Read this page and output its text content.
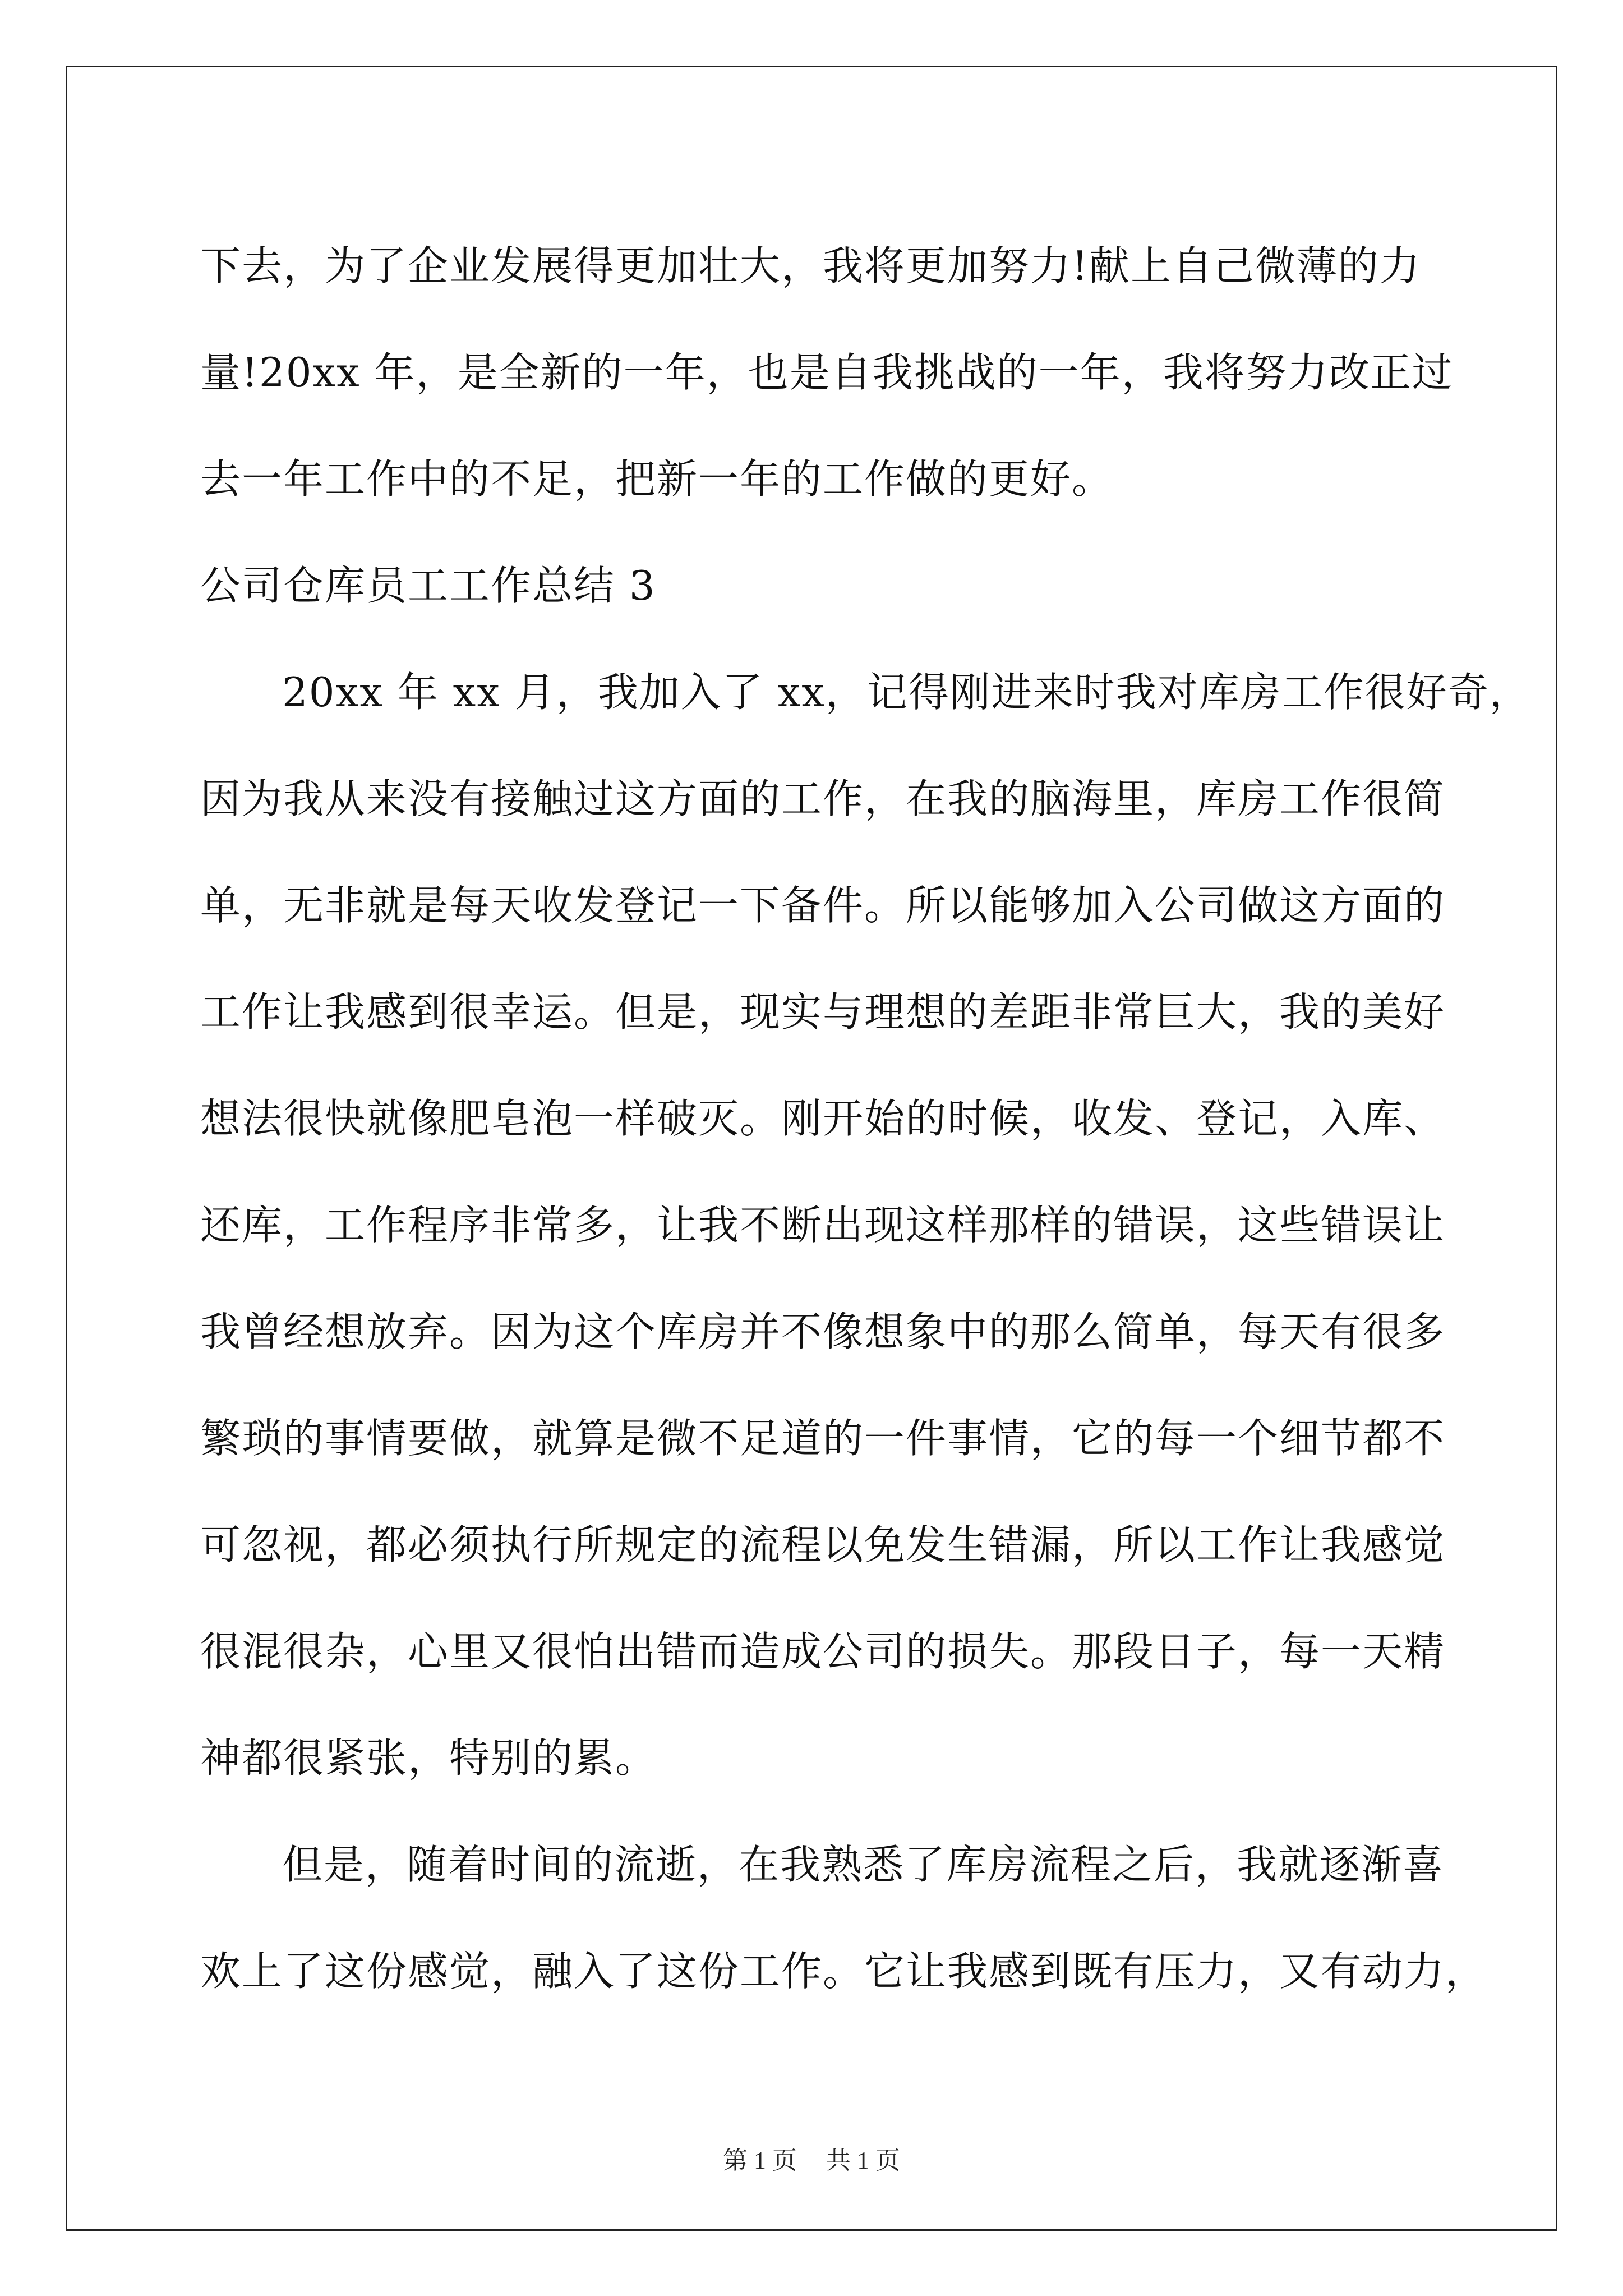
下去，为了企业发展得更加壮大，我将更加努力!献上自己微薄的力
量!20xx 年，是全新的一年，也是自我挑战的一年，我将努力改正过
去一年工作中的不足，把新一年的工作做的更好。
公司仓库员工工作总结 3
20xx 年 xx 月，我加入了 xx，记得刚进来时我对库房工作很好奇，
因为我从来没有接触过这方面的工作，在我的脑海里，库房工作很简
单，无非就是每天收发登记一下备件。所以能够加入公司做这方面的
工作让我感到很幸运。但是，现实与理想的差距非常巨大，我的美好
想法很快就像肥皂泡一样破灭。刚开始的时候，收发、登记，入库、
还库，工作程序非常多，让我不断出现这样那样的错误，这些错误让
我曾经想放弃。因为这个库房并不像想象中的那么简单，每天有很多
繁琐的事情要做，就算是微不足道的一件事情，它的每一个细节都不
可忽视，都必须执行所规定的流程以免发生错漏，所以工作让我感觉
很混很杂，心里又很怕出错而造成公司的损失。那段日子，每一天精
神都很紧张，特别的累。
但是，随着时间的流逝，在我熟悉了库房流程之后，我就逐渐喜
欢上了这份感觉，融入了这份工作。它让我感到既有压力，又有动力，
第 1 页 共 1 页
